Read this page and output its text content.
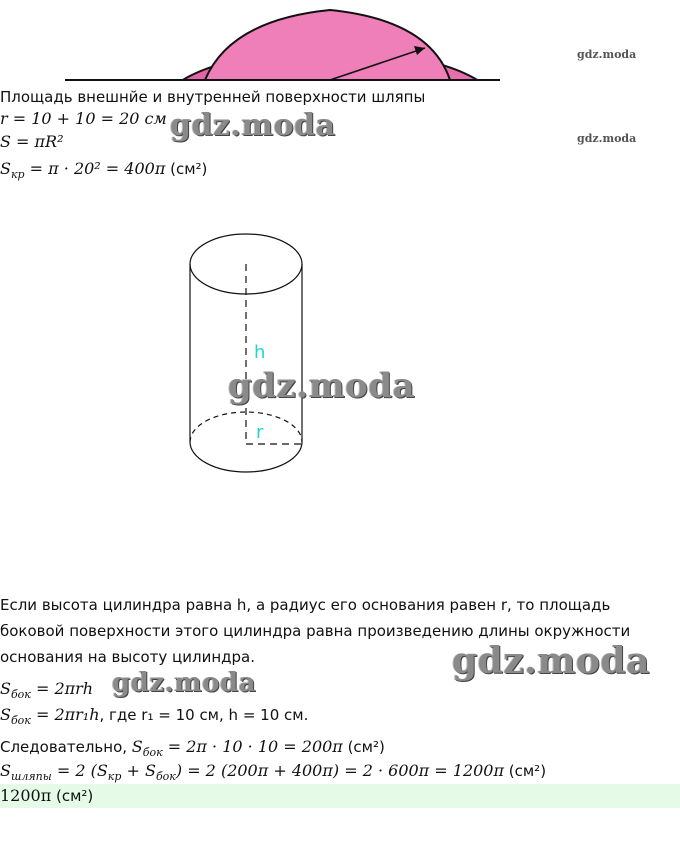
gdz.moda
gdz.moda
Площадь внешнйе и внутренней поверхности шляпы
r = 10 + 10 = 20 см
S = πR²
$S_{кр} = \pi \cdot 20^2 = 400\pi$ (см²)
gdz.moda
h
r
gdz.moda
Если высота цилиндра равна h, а радиус его основания равен r, то площадь боковой поверхности этого цилиндра равна произведению длины окружности основания на высоту цилиндра.	gdz.moda
$S_{бок} = 2\pi rh$ gdz.moda
$S_{бок} = 2\pi r_1h$, где r₁ = 10 см, h = 10 см.
Следовательно, $S_{бок} = 2\pi \cdot 10 \cdot 10 = 200\pi$ (см²)
$S_{шляпы} = 2$ $(S_{кр} + S_{бок}) = 2$ (200π + 400π) = 2 · 600π = 1200π (см²)
1200π (см²)
